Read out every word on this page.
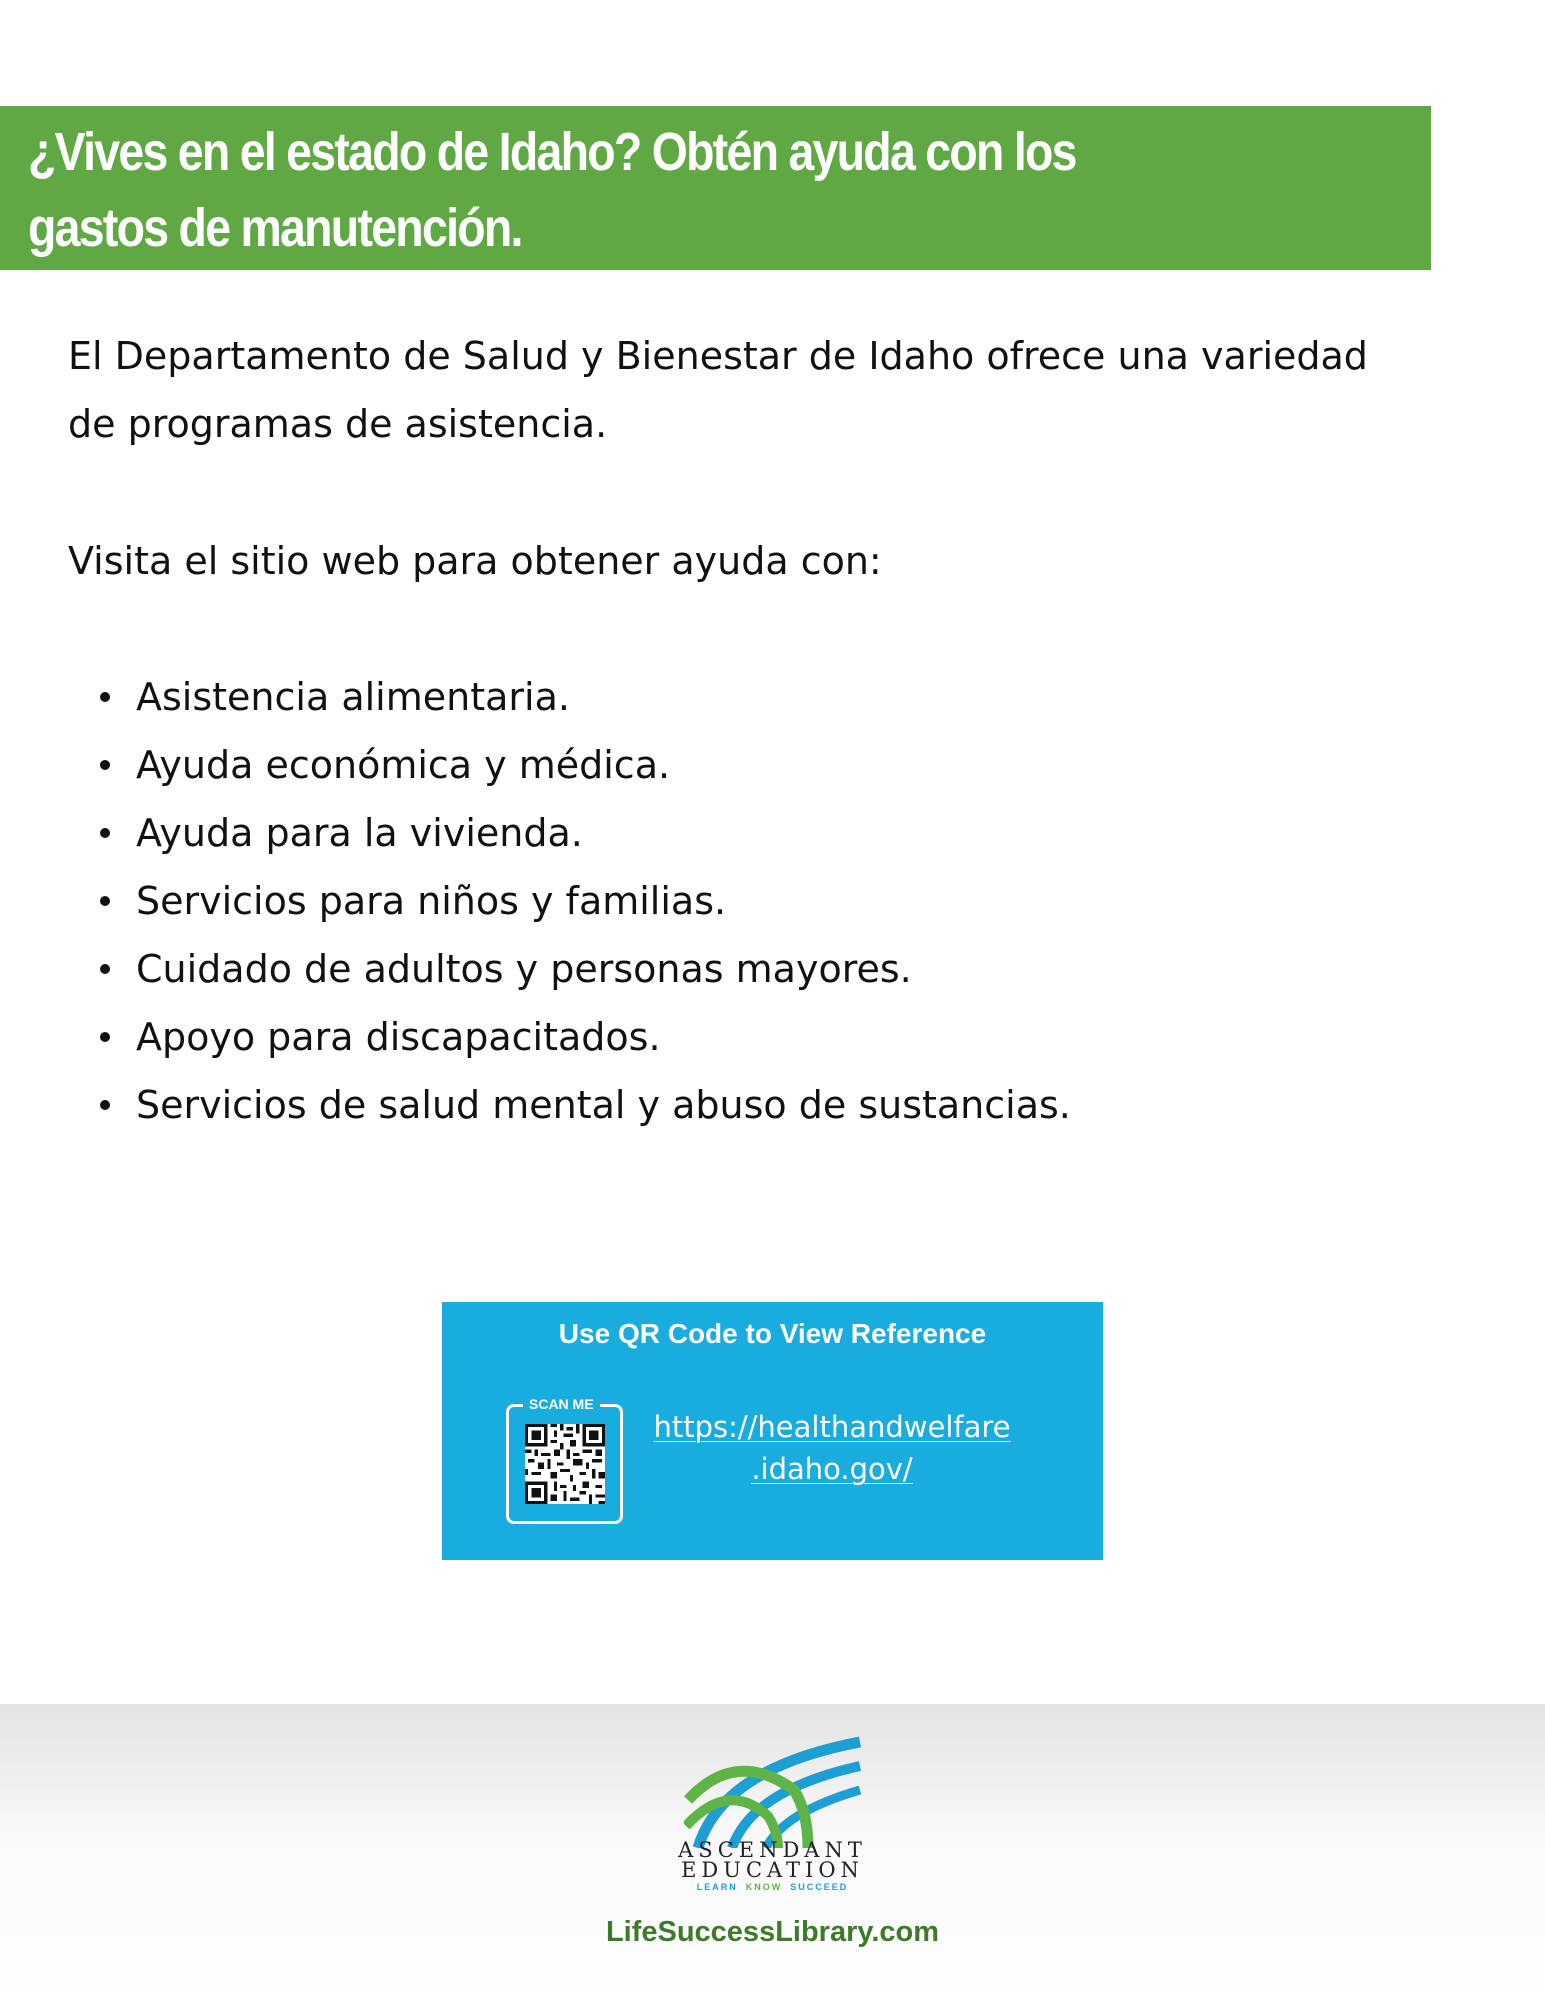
¿Vives en el estado de Idaho? Obtén ayuda con los gastos de manutención.

El Departamento de Salud y Bienestar de Idaho ofrece una variedad de programas de asistencia.

Visita el sitio web para obtener ayuda con:

Asistencia alimentaria.
Ayuda económica y médica.
Ayuda para la vivienda.
Servicios para niños y familias.
Cuidado de adultos y personas mayores.
Apoyo para discapacitados.
Servicios de salud mental y abuso de sustancias.
Use QR Code to View Reference
SCAN ME
https://healthandwelfare
.idaho.gov/
ASCENDANT
EDUCATION
LEARN KNOW SUCCEED
LifeSuccessLibrary.com
